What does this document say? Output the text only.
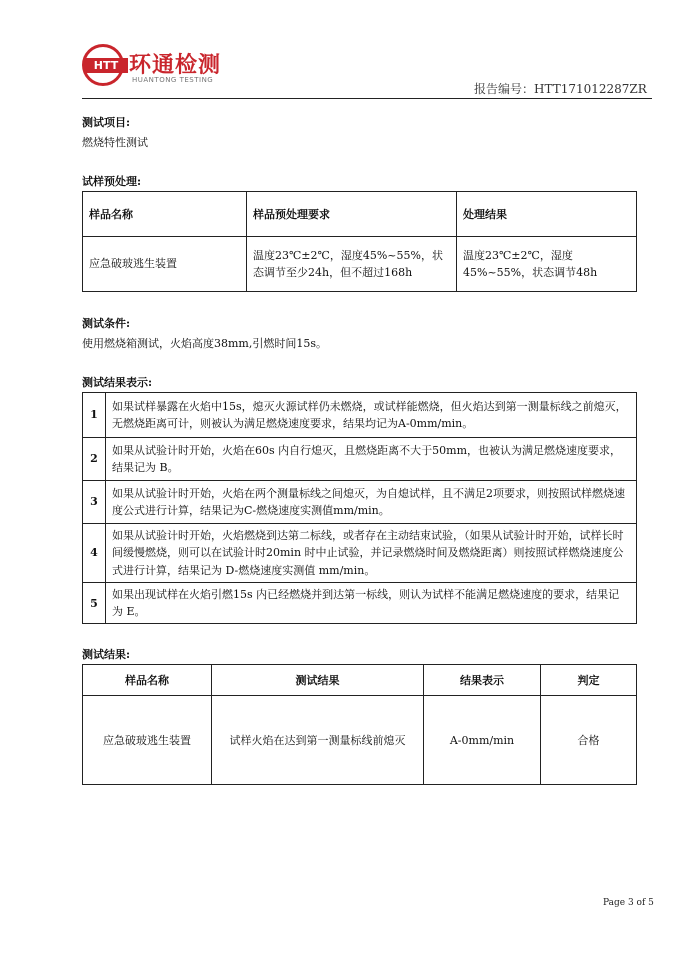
HTT 环通检测
HUANTONG TESTING
报告编号：HTT171012287ZR
测试项目:
燃烧特性测试
试样预处理:
样品名称	样品预处理要求	处理结果
应急破玻逃生装置	温度23℃±2℃，湿度45%~55%，状态调节至少24h，但不超过168h	温度23℃±2℃，湿度45%~55%，状态调节48h
测试条件:
使用燃烧箱测试，火焰高度38mm,引燃时间15s。
测试结果表示:
1	如果试样暴露在火焰中15s，熄灭火源试样仍未燃烧，或试样能燃烧，但火焰达到第一测量标线之前熄灭，无燃烧距离可计，则被认为满足燃烧速度要求，结果均记为A-0mm/min。
2	如果从试验计时开始，火焰在60s 内自行熄灭，且燃烧距离不大于50mm，也被认为满足燃烧速度要求，结果记为 B。
3	如果从试验计时开始，火焰在两个测量标线之间熄灭，为自熄试样，且不满足2项要求，则按照试样燃烧速度公式进行计算，结果记为C-燃烧速度实测值mm/min。
4	如果从试验计时开始，火焰燃烧到达第二标线，或者存在主动结束试验，（如果从试验计时开始，试样长时间缓慢燃烧，则可以在试验计时20min 时中止试验，并记录燃烧时间及燃烧距离）则按照试样燃烧速度公式进行计算，结果记为 D-燃烧速度实测值 mm/min。
5	如果出现试样在火焰引燃15s 内已经燃烧并到达第一标线，则认为试样不能满足燃烧速度的要求，结果记为 E。
测试结果:
样品名称	测试结果	结果表示	判定
应急破玻逃生装置	试样火焰在达到第一测量标线前熄灭	A-0mm/min	合格
Page 3 of 5
